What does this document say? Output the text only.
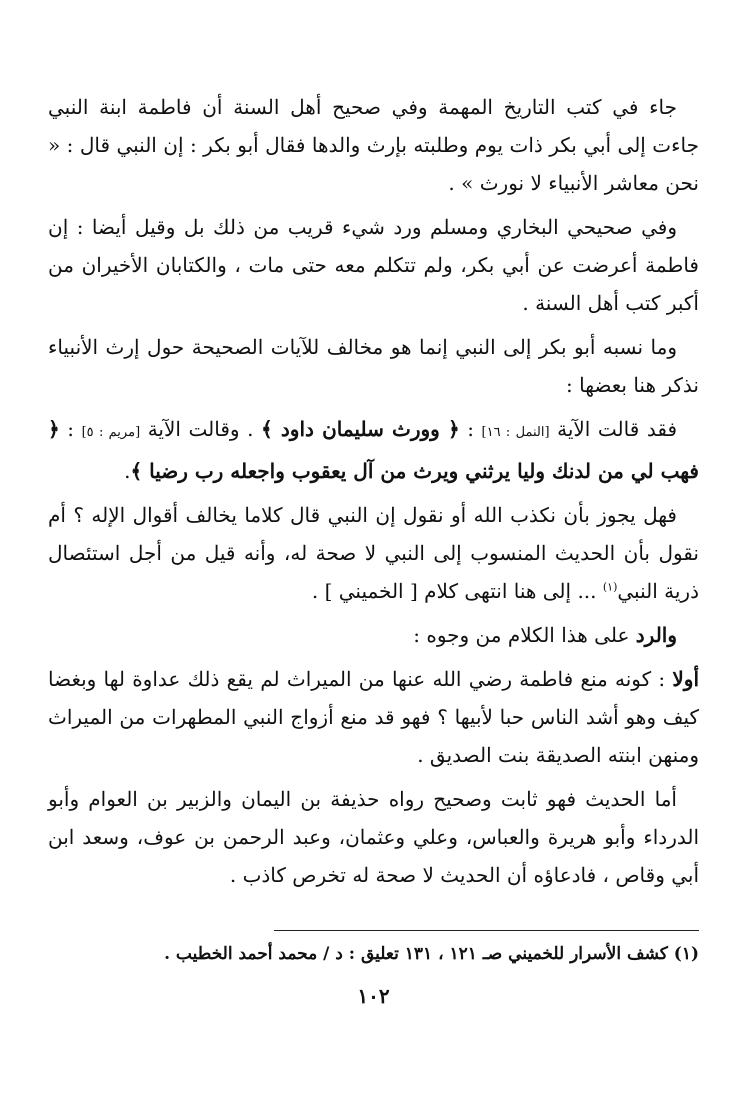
جاء في كتب التاريخ المهمة وفي صحيح أهل السنة أن فاطمة ابنة النبي جاءت إلى أبي بكر ذات يوم وطلبته بإرث والدها فقال أبو بكر : إن النبي قال : « نحن معاشر الأنبياء لا نورث » .

وفي صحيحي البخاري ومسلم ورد شيء قريب من ذلك بل وقيل أيضا : إن فاطمة أعرضت عن أبي بكر، ولم تتكلم معه حتى مات ، والكتابان الأخيران من أكبر كتب أهل السنة .

وما نسبه أبو بكر إلى النبي إنما هو مخالف للآيات الصحيحة حول إرث الأنبياء نذكر هنا بعضها :

فقد قالت الآية [النمل : ١٦] : ﴿ وورث سليمان داود ﴾ . وقالت الآية [مريم : ٥] : ﴿ فهب لي من لدنك وليا يرثني ويرث من آل يعقوب واجعله رب رضيا ﴾.

فهل يجوز بأن نكذب الله أو نقول إن النبي قال كلاما يخالف أقوال الإله ؟ أم نقول بأن الحديث المنسوب إلى النبي لا صحة له، وأنه قيل من أجل استئصال ذرية النبي$^{(١)}$ ... إلى هنا انتهى كلام [ الخميني ] .

والرد على هذا الكلام من وجوه :

أولا : كونه منع فاطمة رضي الله عنها من الميراث لم يقع ذلك عداوة لها وبغضا كيف وهو أشد الناس حبا لأبيها ؟ فهو قد منع أزواج النبي المطهرات من الميراث ومنهن ابنته الصديقة بنت الصديق .

أما الحديث فهو ثابت وصحيح رواه حذيفة بن اليمان والزبير بن العوام وأبو الدرداء وأبو هريرة والعباس، وعلي وعثمان، وعبد الرحمن بن عوف، وسعد ابن أبي وقاص ، فادعاؤه أن الحديث لا صحة له تخرص كاذب .

(١) كشف الأسرار للخميني صـ ١٢١ ، ١٣١ تعليق : د / محمد أحمد الخطيب .
١٠٢
